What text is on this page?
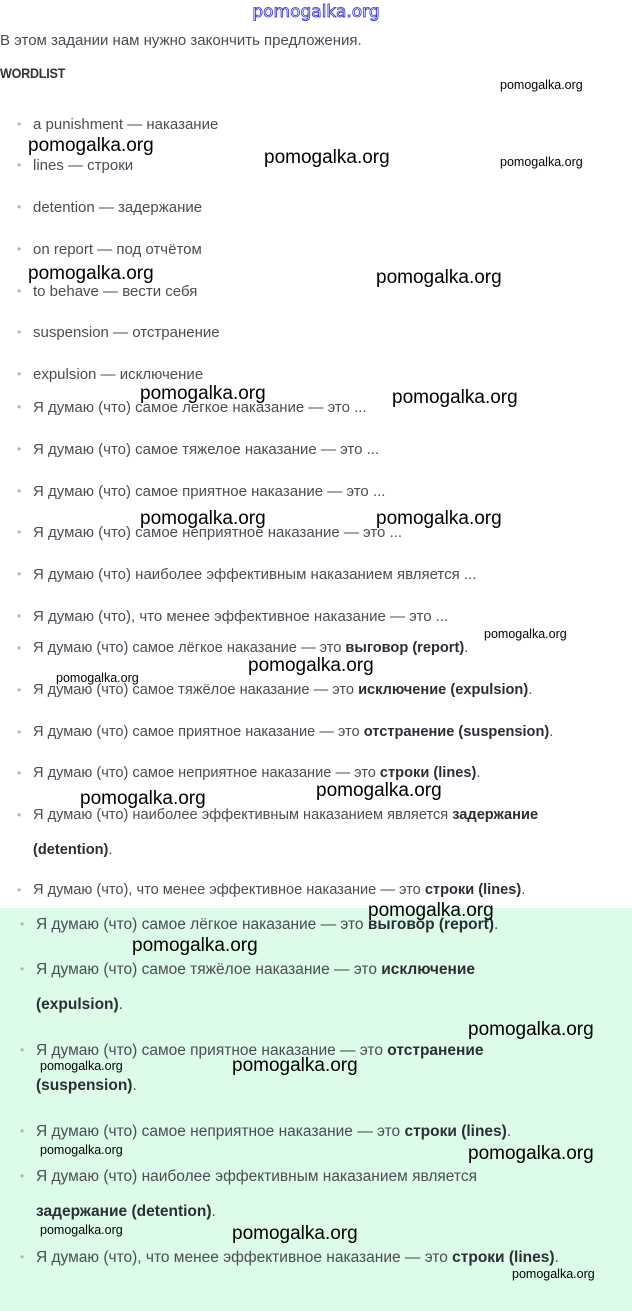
pomogalka.org
В этом задании нам нужно закончить предложения.
WORDLIST
• a punishment — наказание
• lines — строки
• detention — задержание
• on report — под отчётом
• to behave — вести себя
• suspension — отстранение
• expulsion — исключение
• Я думаю (что) самое легкое наказание — это ...
• Я думаю (что) самое тяжелое наказание — это ...
• Я думаю (что) самое приятное наказание — это ...
• Я думаю (что) самое неприятное наказание — это ...
• Я думаю (что) наиболее эффективным наказанием является ...
• Я думаю (что), что менее эффективное наказание — это ...
• Я думаю (что) самое лёгкое наказание — это выговор (report).
• Я думаю (что) самое тяжёлое наказание — это исключение (expulsion).
• Я думаю (что) самое приятное наказание — это отстранение (suspension).
• Я думаю (что) самое неприятное наказание — это строки (lines).
• Я думаю (что) наиболее эффективным наказанием является задержание (detention).
• Я думаю (что), что менее эффективное наказание — это строки (lines).
• Я думаю (что) самое лёгкое наказание — это выговор (report).
• Я думаю (что) самое тяжёлое наказание — это исключение (expulsion).
• Я думаю (что) самое приятное наказание — это отстранение (suspension).
• Я думаю (что) самое неприятное наказание — это строки (lines).
• Я думаю (что) наиболее эффективным наказанием является задержание (detention).
• Я думаю (что), что менее эффективное наказание — это строки (lines).
pomogalka.org
pomogalka.org
pomogalka.org	pomogalka.org
pomogalka.org	pomogalka.org
pomogalka.org	pomogalka.org
pomogalka.org	pomogalka.org
pomogalka.org
pomogalka.org
pomogalka.org
pomogalka.org	pomogalka.org
pomogalka.org
pomogalka.org
pomogalka.org
pomogalka.org	pomogalka.org
pomogalka.org	pomogalka.org
pomogalka.org	pomogalka.org
pomogalka.org
